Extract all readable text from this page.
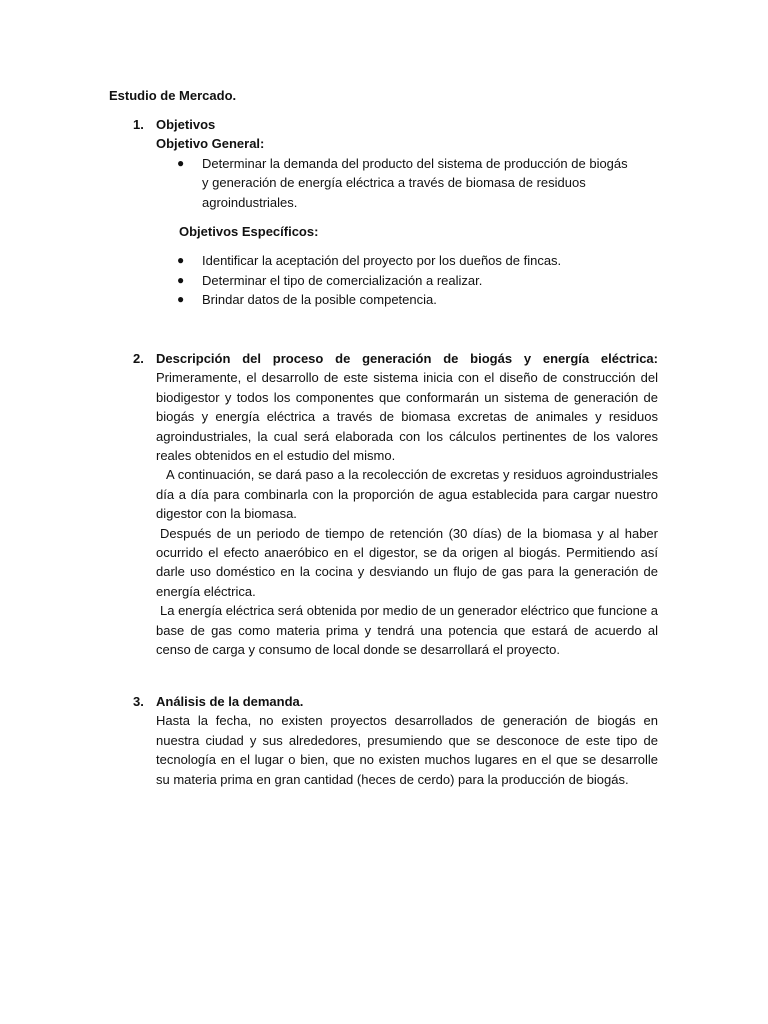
Estudio de Mercado.
1. Objetivos
Objetivo General:
● Determinar la demanda del producto del sistema de producción de biogás y generación de energía eléctrica a través de biomasa de residuos agroindustriales.
Objetivos Específicos:
● Identificar la aceptación del proyecto por los dueños de fincas.
● Determinar el tipo de comercialización a realizar.
● Brindar datos de la posible competencia.
2. Descripción del proceso de generación de biogás y energía eléctrica:

Primeramente, el desarrollo de este sistema inicia con el diseño de construcción del biodigestor y todos los componentes que conformarán un sistema de generación de biogás y energía eléctrica a través de biomasa excretas de animales y residuos agroindustriales, la cual será elaborada con los cálculos pertinentes de los valores reales obtenidos en el estudio del mismo.

A continuación, se dará paso a la recolección de excretas y residuos agroindustriales día a día para combinarla con la proporción de agua establecida para cargar nuestro digestor con la biomasa.

Después de un periodo de tiempo de retención (30 días) de la biomasa y al haber ocurrido el efecto anaeróbico en el digestor, se da origen al biogás. Permitiendo así darle uso doméstico en la cocina y desviando un flujo de gas para la generación de energía eléctrica.

La energía eléctrica será obtenida por medio de un generador eléctrico que funcione a base de gas como materia prima y tendrá una potencia que estará de acuerdo al censo de carga y consumo de local donde se desarrollará el proyecto.

3. Análisis de la demanda.

Hasta la fecha, no existen proyectos desarrollados de generación de biogás en nuestra ciudad y sus alrededores, presumiendo que se desconoce de este tipo de tecnología en el lugar o bien, que no existen muchos lugares en el que se desarrolle su materia prima en gran cantidad (heces de cerdo) para la producción de biogás.
